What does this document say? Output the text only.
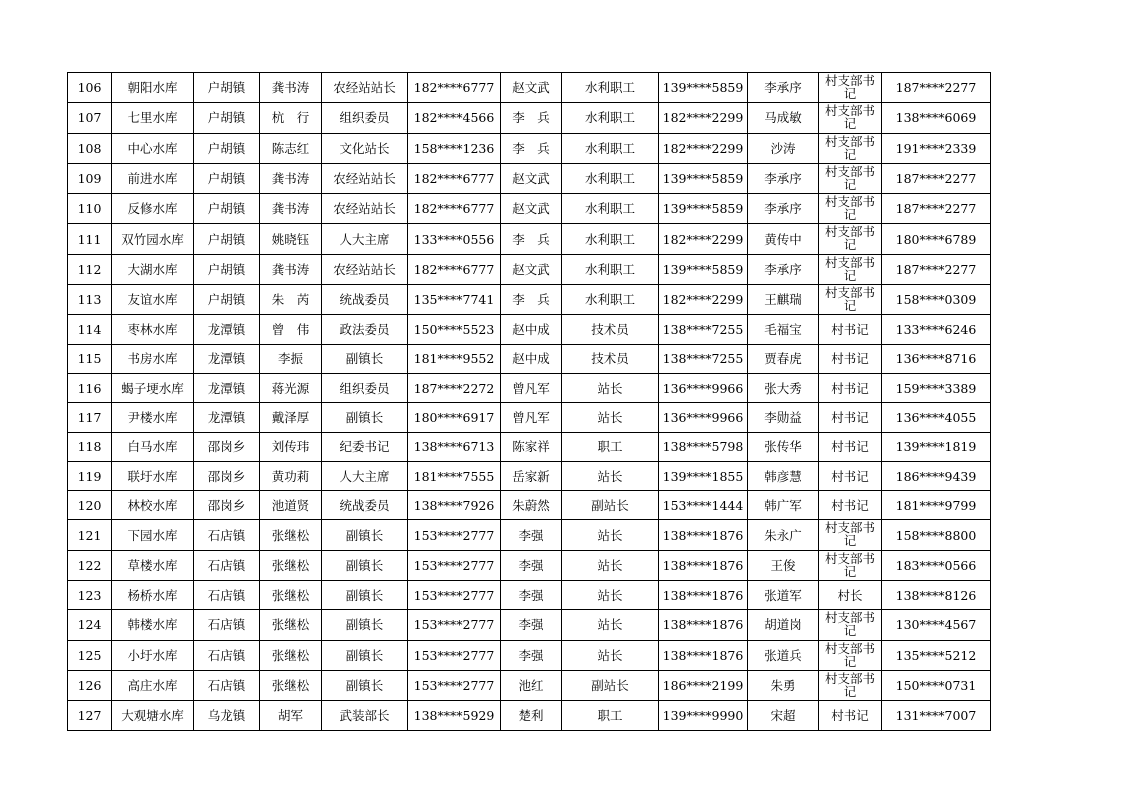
106	朝阳水库	户胡镇	龚书涛	农经站站长	182****6777	赵文武	水利职工	139****5859	李承序	村支部书记	187****2277
107	七里水库	户胡镇	杭　行	组织委员	182****4566	李　兵	水利职工	182****2299	马成敏	村支部书记	138****6069
108	中心水库	户胡镇	陈志红	文化站长	158****1236	李　兵	水利职工	182****2299	沙涛	村支部书记	191****2339
109	前进水库	户胡镇	龚书涛	农经站站长	182****6777	赵文武	水利职工	139****5859	李承序	村支部书记	187****2277
110	反修水库	户胡镇	龚书涛	农经站站长	182****6777	赵文武	水利职工	139****5859	李承序	村支部书记	187****2277
111	双竹园水库	户胡镇	姚晓钰	人大主席	133****0556	李　兵	水利职工	182****2299	黄传中	村支部书记	180****6789
112	大湖水库	户胡镇	龚书涛	农经站站长	182****6777	赵文武	水利职工	139****5859	李承序	村支部书记	187****2277
113	友谊水库	户胡镇	朱　芮	统战委员	135****7741	李　兵	水利职工	182****2299	王麒瑞	村支部书记	158****0309
114	枣林水库	龙潭镇	曾　伟	政法委员	150****5523	赵中成	技术员	138****7255	毛福宝	村书记	133****6246
115	书房水库	龙潭镇	李振	副镇长	181****9552	赵中成	技术员	138****7255	贾春虎	村书记	136****8716
116	蝎子埂水库	龙潭镇	蒋光源	组织委员	187****2272	曾凡军	站长	136****9966	张大秀	村书记	159****3389
117	尹楼水库	龙潭镇	戴泽厚	副镇长	180****6917	曾凡军	站长	136****9966	李勋益	村书记	136****4055
118	白马水库	邵岗乡	刘传玮	纪委书记	138****6713	陈家祥	职工	138****5798	张传华	村书记	139****1819
119	联圩水库	邵岗乡	黄功莉	人大主席	181****7555	岳家新	站长	139****1855	韩彦慧	村书记	186****9439
120	林校水库	邵岗乡	池道贤	统战委员	138****7926	朱蔚然	副站长	153****1444	韩广军	村书记	181****9799
121	下园水库	石店镇	张继松	副镇长	153****2777	李强	站长	138****1876	朱永广	村支部书记	158****8800
122	草楼水库	石店镇	张继松	副镇长	153****2777	李强	站长	138****1876	王俊	村支部书记	183****0566
123	杨桥水库	石店镇	张继松	副镇长	153****2777	李强	站长	138****1876	张道军	村长	138****8126
124	韩楼水库	石店镇	张继松	副镇长	153****2777	李强	站长	138****1876	胡道岗	村支部书记	130****4567
125	小圩水库	石店镇	张继松	副镇长	153****2777	李强	站长	138****1876	张道兵	村支部书记	135****5212
126	高庄水库	石店镇	张继松	副镇长	153****2777	池红	副站长	186****2199	朱勇	村支部书记	150****0731
127	大观塘水库	乌龙镇	胡军	武装部长	138****5929	楚利	职工	139****9990	宋超	村书记	131****7007
